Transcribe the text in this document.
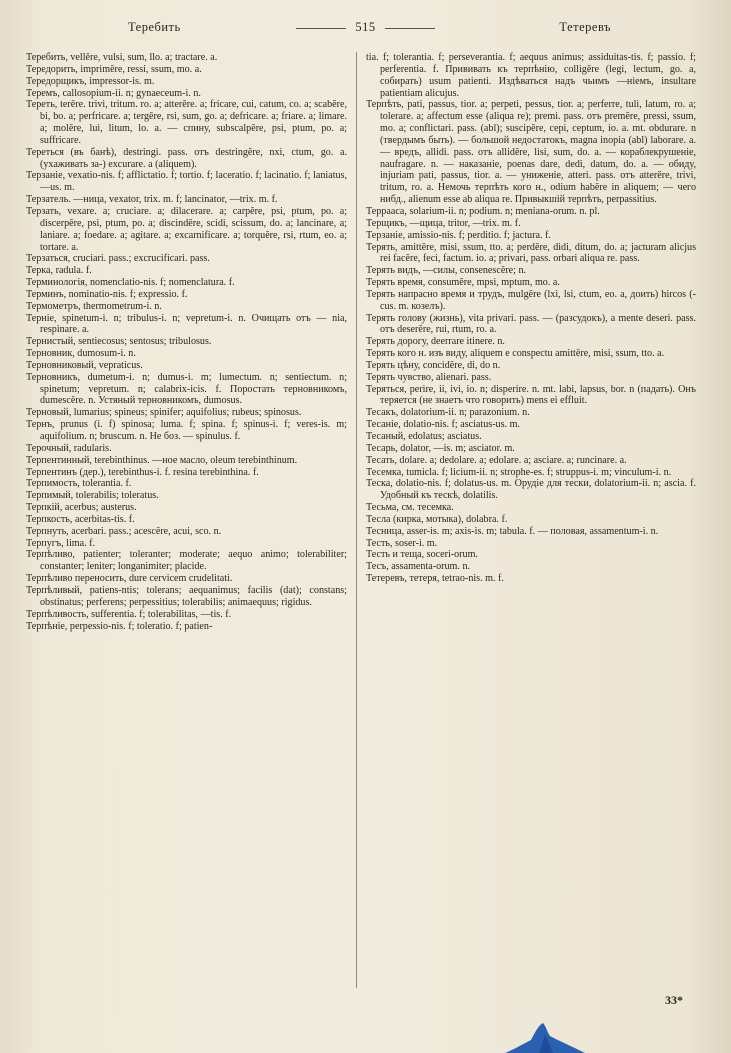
Теребить	515	Тетеревъ
Теребить, vellĕre, vulsi, sum, llo. a; tractare. a.
Тередорить, imprimĕre, ressi, ssum, mo. a.
Тередорщикъ, impressor-is. m.
Теремъ, callosopium-ii. n; gynaeceum-i. n.
Тереть, terĕre. trivi, tritum. ro. a; atterĕre. a; fricare, cui, catum, co. a; scabĕre, bi, bo. a; perfricare. a; tergĕre, rsi, sum, go. a; defricare. a; friare. a; limare. a; molĕre, lui, litum, lo. a. — спину, subscalpĕre, psi, ptum, po. a; suffricare.
Тереться (въ банѣ), destringi. pass. отъ destringĕre, nxi, ctum, go. a. (ухаживать за-) excurare. a (aliquem).
Терзаніе, vexatio-nis. f; afflictatio. f; tortio. f; laceratio. f; lacinatio. f; laniatus, —us. m.
Терзатель. —ница, vexator, trix. m. f; lancinator, —trix. m. f.
Терзать, vexare. a; cruciare. a; dilacerare. a; carpĕre, psi, ptum, po. a; discerpĕre, psi, ptum, po. a; discindĕre, scidi, scissum, do. a; lancinare, a; laniare. a; foedare. a; agitare. a; excarnificare. a; torquĕre, rsi, rtum, eo. a; tortare. a.
Терзаться, cruciari. pass.; excrucificari. pass.
Терка, radula. f.
Терминологія, nomenclatio-nis. f; nomenclatura. f.
Терминъ, nominatio-nis. f; expressio. f.
Термометръ, thermometrum-i. n.
Терніе, spinetum-i. n; tribulus-i. n; vepretum-i. n. Очищать отъ — nia, respinare. a.
Тернистый, sentiecosus; sentosus; tribulosus.
Терновник, dumosum-i. n.
Терновниковый, vepraticus.
Терновникъ, dumetum-i. n; dumus-i. m; lumectum. n; sentiectum. n; spinetum; vepretum. n; calabrix-icis. f. Поростать терновникомъ, dumescĕre. n. Устяный терновникомъ, dumosus.
Терновый, lumarius; spineus; spinifer; aquifolius; rubeus; spinosus.
Тернъ, prunus (i. f) spinosa; luma. f; spina. f; spinus-i. f; veres-is. m; aquifolium. n; bruscum. n. Не боз. — spinulus. f.
Терочный, radularis.
Терпентинный, terebinthinus. —ное масло, oleum terebinthinum.
Терпентинъ (дер.), terebinthus-i. f. resina terebinthina. f.
Терпимость, tolerantia. f.
Терпимый, tolerabilis; toleratus.
Терпкій, acerbus; austerus.
Терпкость, acerbitas-tis. f.
Терпнуть, acerbari. pass.; acescĕre, acui, sco. n.
Терпугъ, lima. f.
Терпѣливо, patienter; toleranter; moderate; aequo animo; tolerabiliter; constanter; leniter; longanimiter; placide.
Терпѣливо переносить, dure cervicem crudelitati.
Терпѣливый, patiens-ntis; tolerans; aequanimus; facilis (dat); constans; obstinatus; perferens; perpessitius; tolerabilis; animaequus; rigidus.
Терпѣливость, sufferentia. f; tolerabilitas, —tis. f.
Терпѣніе, perpessio-nis. f; toleratio. f; patien-
tia. f; tolerantia. f; perseverantia. f; aequus animus; assiduitas-tis. f; passio. f; perferentia. f. Прививать къ терпѣнію, colligĕre (legi, lectum, go. a, собирать) usum patienti. Издѣваться надъ чьимъ —нiемъ, insultare patientiam alicujus.
Терпѣть, pati, passus, tior. a; perpeti, pessus, tior. a; perferre, tuli, latum, ro. a; tolerare. a; affectum esse (aliqua re); premi. pass. отъ premĕre, pressi, ssum, mo. a; conflictari. pass. (abl); suscipĕre, cepi, ceptum, io. a. mt. obdurare. n (твердымъ быть). — большой недостатокъ, magna inopia (abl) laborare. a. — вредъ, allidi. pass. отъ allidĕre, lisi, sum, do. a. — кораблекрушеніе, naufragare. n. — наказаніе, poenas dare, dedi, datum, do. a. — обиду, injuriam pati, passus, tior. a. — униженіе, atteri. pass. отъ atterĕre, trivi, tritum, ro. a. Немочь терпѣть кого н., odium habĕre in aliquem; — чего нибд., alienum esse ab aliqua re. Привыкшій терпѣть, perpassitius.
Террааса, solarium-ii. n; podium. n; meniana-orum. n. pl.
Терщикъ, —щица, tritor, —trix. m. f.
Терзаніе, amissio-nis. f; perditio. f; jactura. f.
Терять, amittĕre, misi, ssum, tto. a; perdĕre, didi, ditum, do. a; jacturam alicjus rei facĕre, feci, factum. io. a; privari, pass. orbari aliqua re. pass.
Терять видъ, —силы, consenescĕre; n.
Терять время, consumĕre, mpsi, mptum, mo. a.
Терять напрасно время и трудъ, mulgĕre (lxi, lsi, ctum, eo. a, доить) hircos (-cus. m. козелъ).
Терять голову (жизнь), vita privari. pass. — (разсудокъ), a mente deseri. pass. отъ deserĕre, rui, rtum, ro. a.
Терять дорогу, deerrare itinere. n.
Терять кого н. изъ виду, aliquem e conspectu amittĕre, misi, ssum, tto. a.
Терять цѣну, concidĕre, di, do n.
Терять чувство, alienari. pass.
Теряться, perire, ii, ivi, io. n; disperire. n. mt. labi, lapsus, bor. n (падать). Онъ теряется (не знаетъ что говорить) mens ei effluit.
Тесакъ, dolatorium-ii. n; parazonium. n.
Тесаніе, dolatio-nis. f; asciatus-us. m.
Тесаный, edolatus; asciatus.
Тесарь, dolator, —is. m; asciator. m.
Тесать, dolare. a; dedolare. a; edolare. a; asciare. a; runcinare. a.
Тесемка, tumicla. f; licium-ii. n; strophe-es. f; struppus-i. m; vinculum-i. n.
Теска, dolatio-nis. f; dolatus-us. m. Орудіе для тески, dolatorium-ii. n; ascia. f. Удобный къ тескѣ, dolatilis.
Тесьма, см. тесемка.
Тесла (кирка, мотыка), dolabra. f.
Тесница, asser-is. m; axis-is. m; tabula. f. — половая, assamentum-i. n.
Тесть, soser-i. m.
Тесть и теща, soceri-orum.
Тесъ, assamenta-orum. n.
Тетеревъ, тетеря, tetrao-nis. m. f.
33*
